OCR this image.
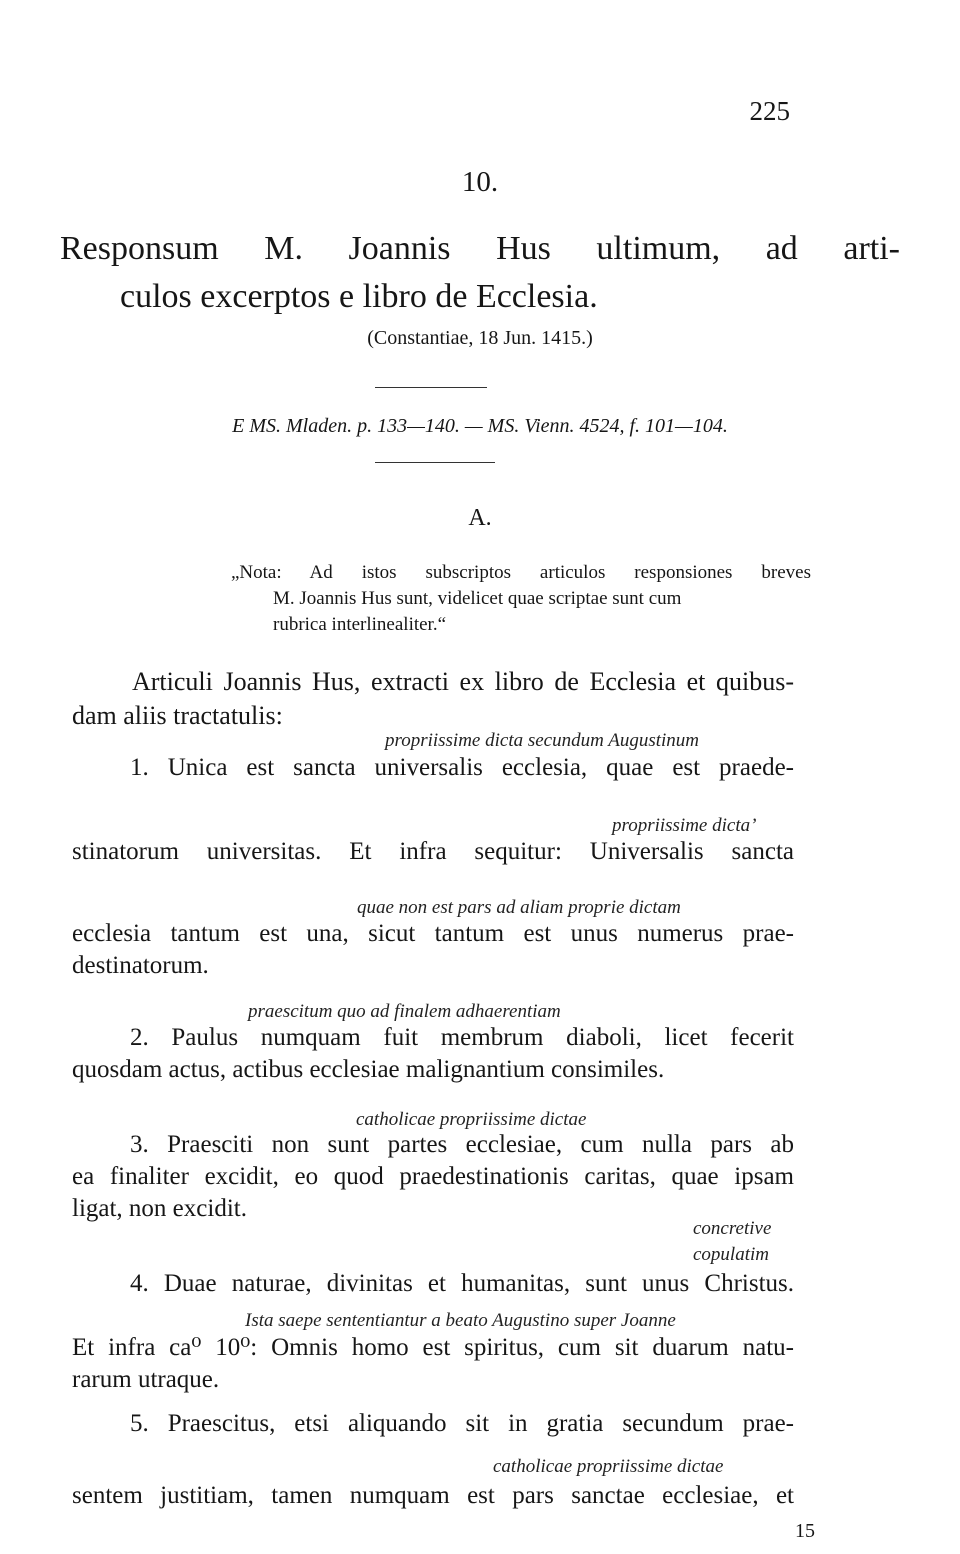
225
10.
Responsum M. Joannis Hus ultimum, ad arti-
culos excerptos e libro de Ecclesia.
(Constantiae, 18 Jun. 1415.)
E MS. Mladen. p. 133—140. — MS. Vienn. 4524, f. 101—104.
A.
„Nota: Ad istos subscriptos articulos responsiones breves
M. Joannis Hus sunt, videlicet quae scriptae sunt cum
rubrica interlinealiter.“
Articuli Joannis Hus, extracti ex libro de Ecclesia et quibus-
dam aliis tractatulis:
propriissime dicta secundum Augustinum
1. Unica est sancta universalis ecclesia, quae est praede-
propriissime dicta’
stinatorum universitas. Et infra sequitur: Universalis sancta
quae non est pars ad aliam proprie dictam
ecclesia tantum est una, sicut tantum est unus numerus prae-
destinatorum.
praescitum quo ad finalem adhaerentiam
2. Paulus numquam fuit membrum diaboli, licet fecerit
quosdam actus, actibus ecclesiae malignantium consimiles.
catholicae propriissime dictae
3. Praesciti non sunt partes ecclesiae, cum nulla pars ab
ea finaliter excidit, eo quod praedestinationis caritas, quae ipsam
ligat, non excidit.
concretive
copulatim
4. Duae naturae, divinitas et humanitas, sunt unus Christus.
Ista saepe sententiantur a beato Augustino super Joanne
Et infra ca⁰ 10⁰: Omnis homo est spiritus, cum sit duarum natu-
rarum utraque.
5. Praescitus, etsi aliquando sit in gratia secundum prae-
catholicae propriissime dictae
sentem justitiam, tamen numquam est pars sanctae ecclesiae, et
15
